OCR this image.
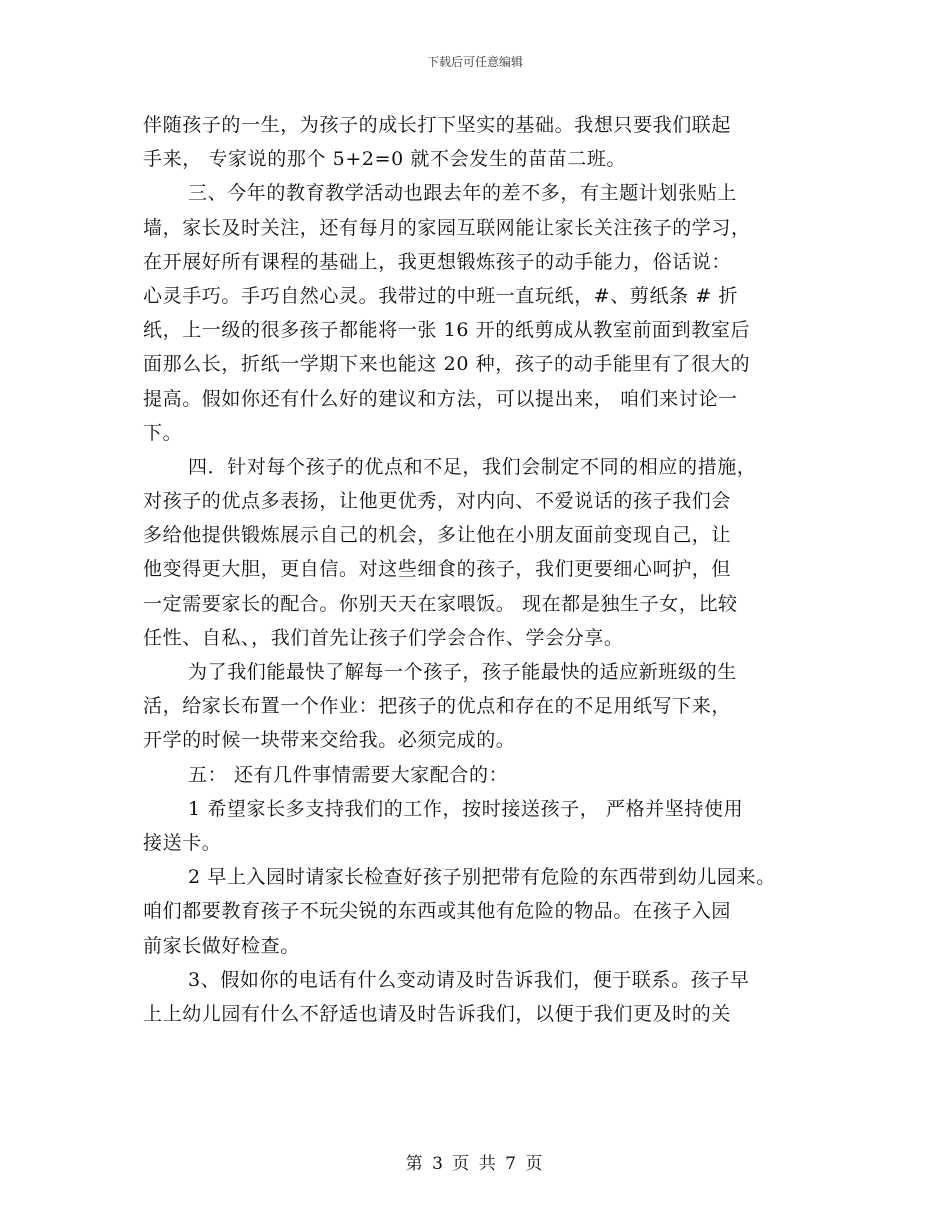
下载后可任意编辑
伴随孩子的一生，为孩子的成长打下坚实的基础。我想只要我们联起
手来， 专家说的那个 5+2=0 就不会发生的苗苗二班。
三、今年的教育教学活动也跟去年的差不多，有主题计划张贴上
墙，家长及时关注，还有每月的家园互联网能让家长关注孩子的学习，
在开展好所有课程的基础上，我更想锻炼孩子的动手能力，俗话说：
心灵手巧。手巧自然心灵。我带过的中班一直玩纸，#、剪纸条 # 折
纸，上一级的很多孩子都能将一张 16 开的纸剪成从教室前面到教室后
面那么长，折纸一学期下来也能这 20 种，孩子的动手能里有了很大的
提高。假如你还有什么好的建议和方法，可以提出来， 咱们来讨论一
下。
四．针对每个孩子的优点和不足，我们会制定不同的相应的措施，
对孩子的优点多表扬，让他更优秀，对内向、不爱说话的孩子我们会
多给他提供锻炼展示自己的机会，多让他在小朋友面前变现自己，让
他变得更大胆，更自信。对这些细食的孩子，我们更要细心呵护，但
一定需要家长的配合。你别天天在家喂饭。 现在都是独生子女，比较
任性、自私、，我们首先让孩子们学会合作、学会分享。
为了我们能最快了解每一个孩子，孩子能最快的适应新班级的生
活，给家长布置一个作业：把孩子的优点和存在的不足用纸写下来，
开学的时候一块带来交给我。必须完成的。
五： 还有几件事情需要大家配合的：
1 希望家长多支持我们的工作，按时接送孩子， 严格并坚持使用
接送卡。
2 早上入园时请家长检查好孩子别把带有危险的东西带到幼儿园来。
咱们都要教育孩子不玩尖锐的东西或其他有危险的物品。在孩子入园
前家长做好检查。
3、假如你的电话有什么变动请及时告诉我们，便于联系。孩子早
上上幼儿园有什么不舒适也请及时告诉我们，以便于我们更及时的关
第 3 页 共 7 页
